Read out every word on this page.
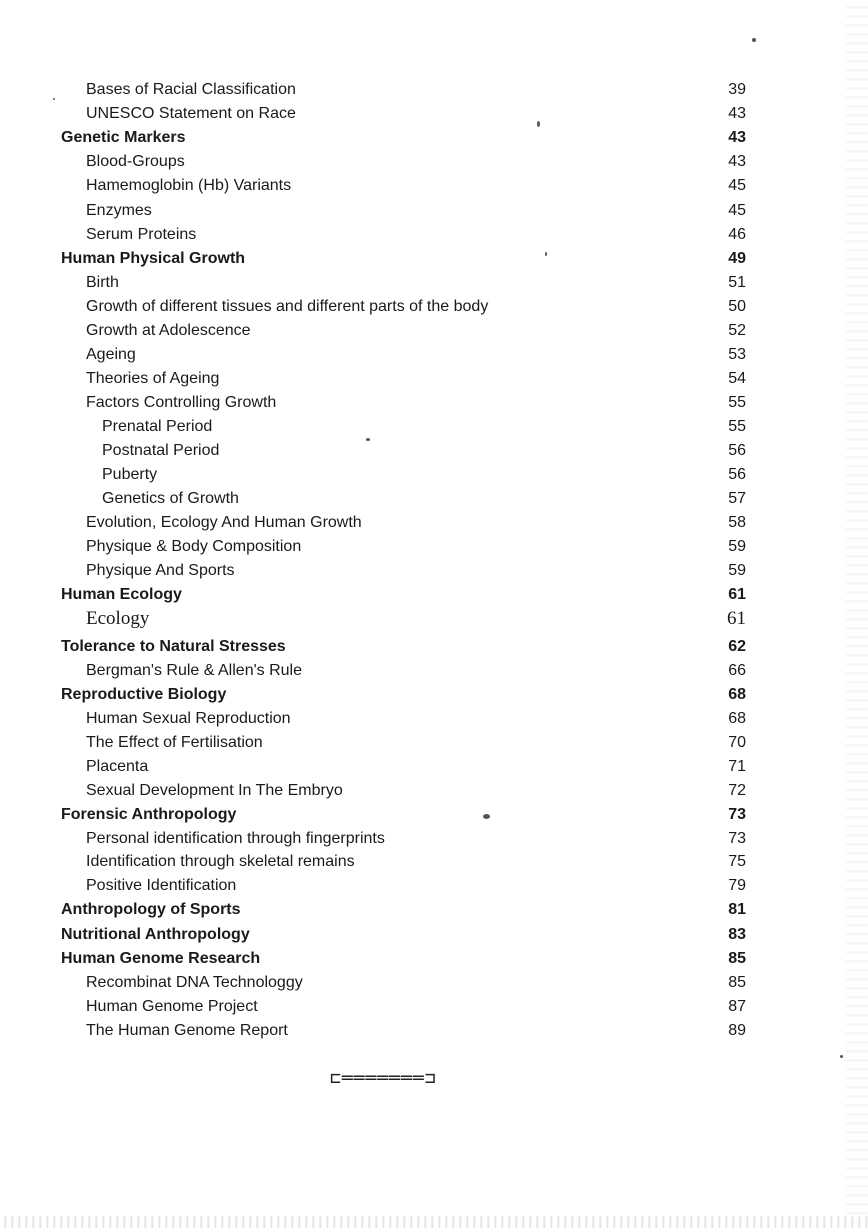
Bases of Racial Classification	39
UNESCO Statement on Race	43
Genetic Markers	43
Blood-Groups	43
Hamemoglobin (Hb) Variants	45
Enzymes	45
Serum Proteins	46
Human Physical Growth	49
Birth	51
Growth of different tissues and different parts of the body	50
Growth at Adolescence	52
Ageing	53
Theories of Ageing	54
Factors Controlling Growth	55
Prenatal Period	55
Postnatal Period	56
Puberty	56
Genetics of Growth	57
Evolution, Ecology And Human Growth	58
Physique & Body Composition	59
Physique And Sports	59
Human Ecology	61
Ecology	61
Tolerance to Natural Stresses	62
Bergman's Rule & Allen's Rule	66
Reproductive Biology	68
Human Sexual Reproduction	68
The Effect of Fertilisation	70
Placenta	71
Sexual Development In The Embryo	72
Forensic Anthropology	73
Personal identification through fingerprints	73
Identification through skeletal remains	75
Positive Identification	79
Anthropology of Sports	81
Nutritional Anthropology	83
Human Genome Research	85
Recombinat DNA Technologgy	85
Human Genome Project	87
The Human Genome Report	89
⊏═══════⊐
